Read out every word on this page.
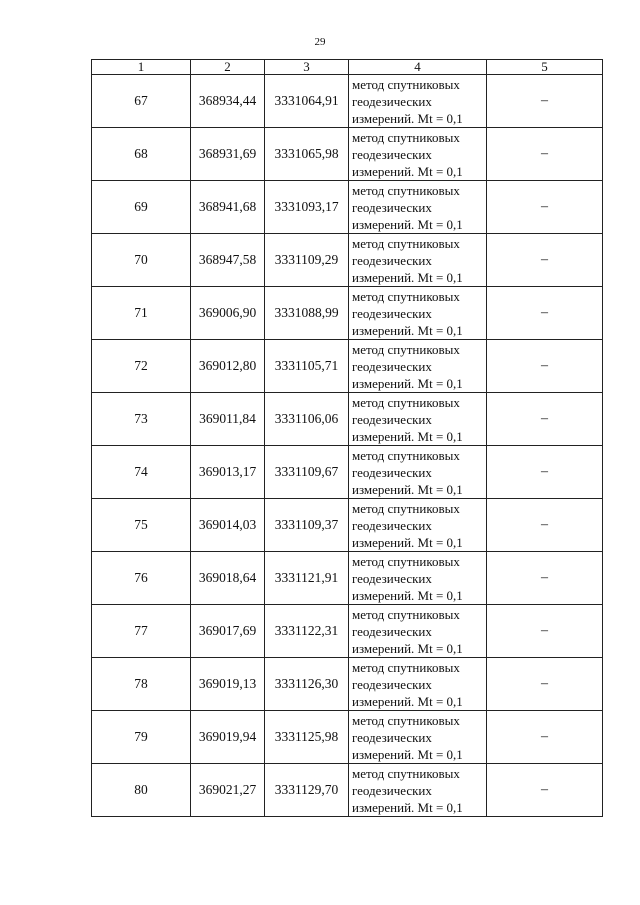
29
1	2	3	4	5
67	368934,44	3331064,91	метод спутниковых геодезических измерений. Mt = 0,1	–
68	368931,69	3331065,98	метод спутниковых геодезических измерений. Mt = 0,1	–
69	368941,68	3331093,17	метод спутниковых геодезических измерений. Mt = 0,1	–
70	368947,58	3331109,29	метод спутниковых геодезических измерений. Mt = 0,1	–
71	369006,90	3331088,99	метод спутниковых геодезических измерений. Mt = 0,1	–
72	369012,80	3331105,71	метод спутниковых геодезических измерений. Mt = 0,1	–
73	369011,84	3331106,06	метод спутниковых геодезических измерений. Mt = 0,1	–
74	369013,17	3331109,67	метод спутниковых геодезических измерений. Mt = 0,1	–
75	369014,03	3331109,37	метод спутниковых геодезических измерений. Mt = 0,1	–
76	369018,64	3331121,91	метод спутниковых геодезических измерений. Mt = 0,1	–
77	369017,69	3331122,31	метод спутниковых геодезических измерений. Mt = 0,1	–
78	369019,13	3331126,30	метод спутниковых геодезических измерений. Mt = 0,1	–
79	369019,94	3331125,98	метод спутниковых геодезических измерений. Mt = 0,1	–
80	369021,27	3331129,70	метод спутниковых геодезических измерений. Mt = 0,1	–
